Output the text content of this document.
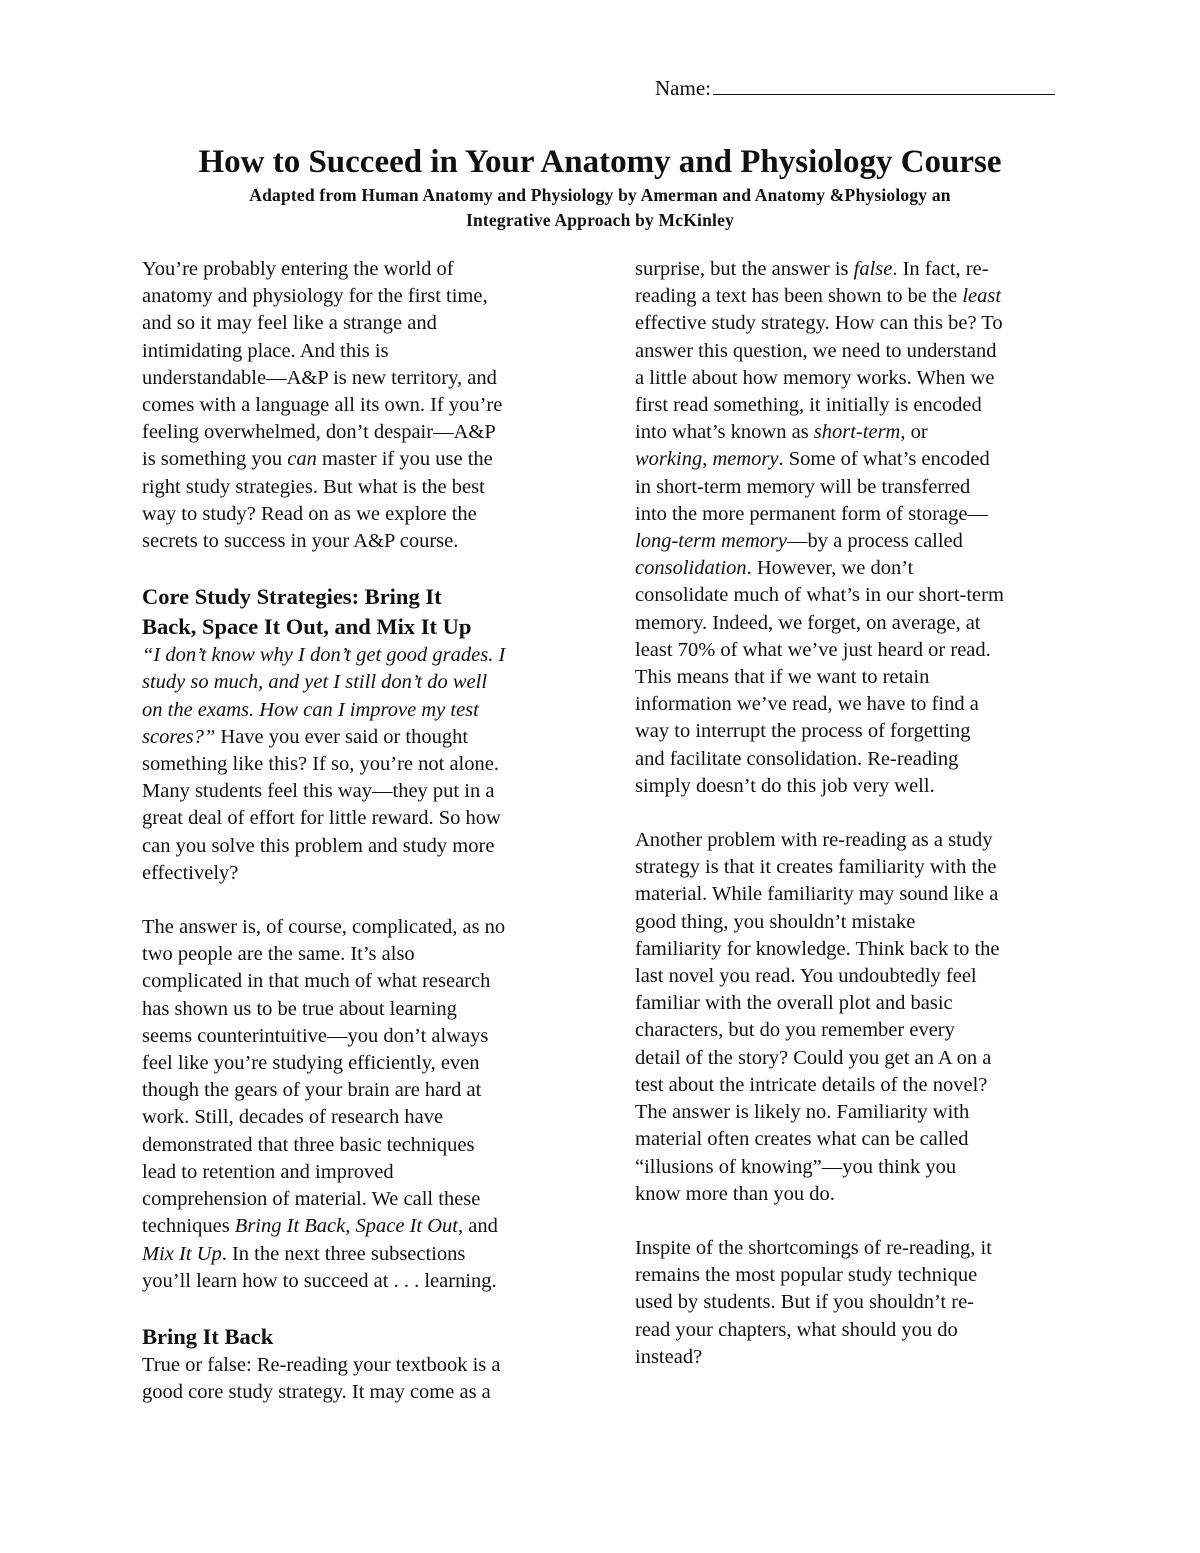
Name:
How to Succeed in Your Anatomy and Physiology Course
Adapted from Human Anatomy and Physiology by Amerman and Anatomy &Physiology an
Integrative Approach by McKinley

You’re probably entering the world of
anatomy and physiology for the first time,
and so it may feel like a strange and
intimidating place. And this is
understandable—A&P is new territory, and
comes with a language all its own. If you’re
feeling overwhelmed, don’t despair—A&P
is something you can master if you use the
right study strategies. But what is the best
way to study? Read on as we explore the
secrets to success in your A&P course.

Core Study Strategies: Bring It
Back, Space It Out, and Mix It Up

“I don’t know why I don’t get good grades. I
study so much, and yet I still don’t do well
on the exams. How can I improve my test
scores?” Have you ever said or thought
something like this? If so, you’re not alone.
Many students feel this way—they put in a
great deal of effort for little reward. So how
can you solve this problem and study more
effectively?

The answer is, of course, complicated, as no
two people are the same. It’s also
complicated in that much of what research
has shown us to be true about learning
seems counterintuitive—you don’t always
feel like you’re studying efficiently, even
though the gears of your brain are hard at
work. Still, decades of research have
demonstrated that three basic techniques
lead to retention and improved
comprehension of material. We call these
techniques Bring It Back, Space It Out, and
Mix It Up. In the next three subsections
you’ll learn how to succeed at . . . learning.

Bring It Back

True or false: Re-reading your textbook is a
good core study strategy. It may come as a

surprise, but the answer is false. In fact, re-
reading a text has been shown to be the least
effective study strategy. How can this be? To
answer this question, we need to understand
a little about how memory works. When we
first read something, it initially is encoded
into what’s known as short-term, or
working, memory. Some of what’s encoded
in short-term memory will be transferred
into the more permanent form of storage—
long-term memory—by a process called
consolidation. However, we don’t
consolidate much of what’s in our short-term
memory. Indeed, we forget, on average, at
least 70% of what we’ve just heard or read.
This means that if we want to retain
information we’ve read, we have to find a
way to interrupt the process of forgetting
and facilitate consolidation. Re-reading
simply doesn’t do this job very well.

Another problem with re-reading as a study
strategy is that it creates familiarity with the
material. While familiarity may sound like a
good thing, you shouldn’t mistake
familiarity for knowledge. Think back to the
last novel you read. You undoubtedly feel
familiar with the overall plot and basic
characters, but do you remember every
detail of the story? Could you get an A on a
test about the intricate details of the novel?
The answer is likely no. Familiarity with
material often creates what can be called
“illusions of knowing”—you think you
know more than you do.

Inspite of the shortcomings of re-reading, it
remains the most popular study technique
used by students. But if you shouldn’t re-
read your chapters, what should you do
instead?
